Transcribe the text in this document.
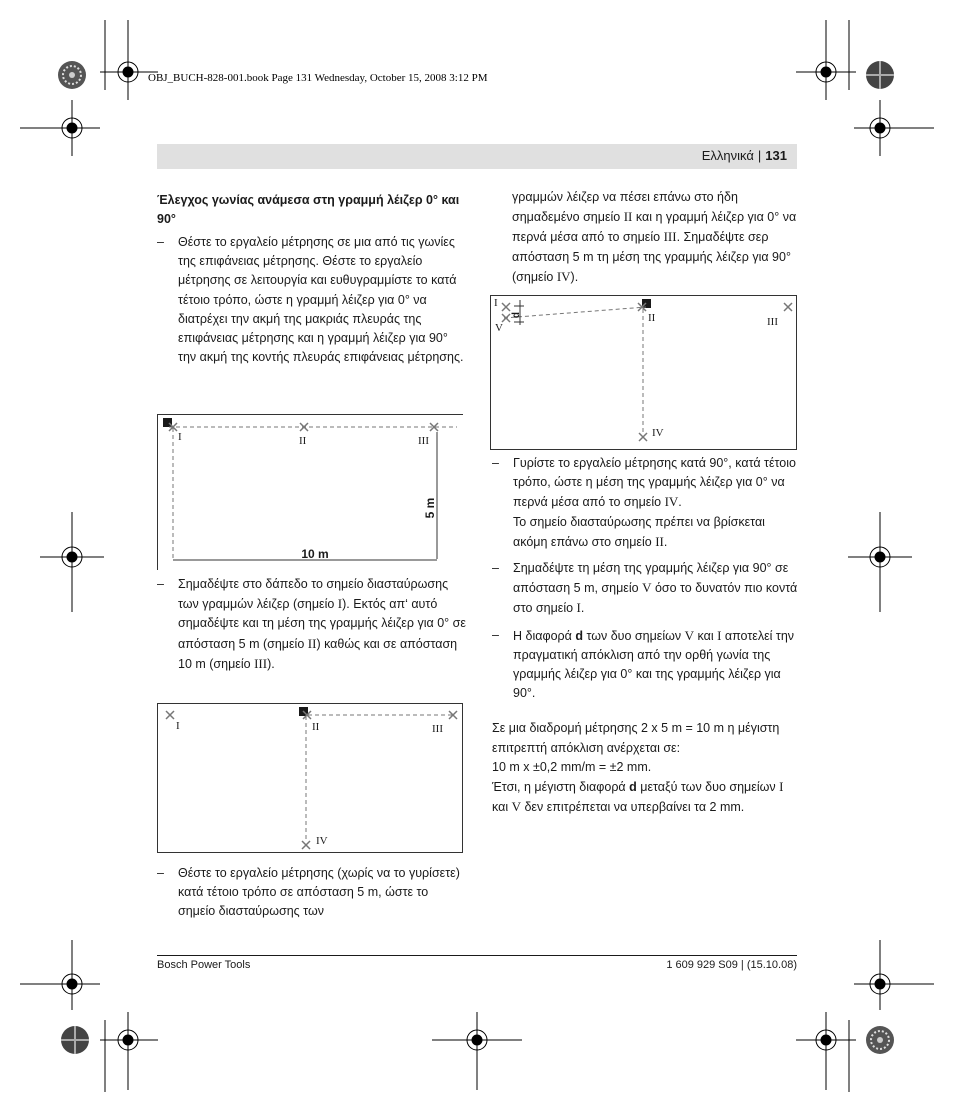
OBJ_BUCH-828-001.book Page 131 Wednesday, October 15, 2008 3:12 PM
Ελληνικά | 131

Έλεγχος γωνίας ανάμεσα στη γραμμή λέιζερ 0° και 90°

– Θέστε το εργαλείο μέτρησης σε μια από τις γωνίες της επιφάνειας μέτρησης. Θέστε το εργαλείο μέτρησης σε λειτουργία και ευθυγραμμίστε το κατά τέτοιο τρόπο, ώστε η γραμμή λέιζερ για 0° να διατρέχει την ακμή της μακριάς πλευράς της επιφάνειας μέτρησης και η γραμμή λέιζερ για 90° την ακμή της κοντής πλευράς επιφάνειας μέτρησης.

I	II	III
5 m
10 m

– Σημαδέψτε στο δάπεδο το σημείο διασταύρωσης των γραμμών λέιζερ (σημείο I). Εκτός απ‘ αυτό σημαδέψτε και τη μέση της γραμμής λέιζερ για 0° σε απόσταση 5 m (σημείο II) καθώς και σε απόσταση 10 m (σημείο III).

I	II	III
IV

– Θέστε το εργαλείο μέτρησης (χωρίς να το γυρίσετε) κατά τέτοιο τρόπο σε απόσταση 5 m, ώστε το σημείο διασταύρωσης των

γραμμών λέιζερ να πέσει επάνω στο ήδη σημαδεμένο σημείο II και η γραμμή λέιζερ για 0° να περνά μέσα από το σημείο III. Σημαδέψτε σερ απόσταση 5 m τη μέση της γραμμής λέιζερ για 90° (σημείο IV).

d
I
V
II	III
IV

– Γυρίστε το εργαλείο μέτρησης κατά 90°, κατά τέτοιο τρόπο, ώστε η μέση της γραμμής λέιζερ για 0° να περνά μέσα από το σημείο IV.
Το σημείο διασταύρωσης πρέπει να βρίσκεται ακόμη επάνω στο σημείο II.

– Σημαδέψτε τη μέση της γραμμής λέιζερ για 90° σε απόσταση 5 m, σημείο V όσο το δυνατόν πιο κοντά στο σημείο I.

– Η διαφορά d των δυο σημείων V και I αποτελεί την πραγματική απόκλιση από την ορθή γωνία της γραμμής λέιζερ για 0° και της γραμμής λέιζερ για 90°.

Σε μια διαδρομή μέτρησης 2 x 5 m = 10 m η μέγιστη επιτρεπτή απόκλιση ανέρχεται σε:
10 m x ±0,2 mm/m = ±2 mm.
Έτσι, η μέγιστη διαφορά d μεταξύ των δυο σημείων I και V δεν επιτρέπεται να υπερβαίνει τα 2 mm.

Bosch Power Tools	1 609 929 S09 | (15.10.08)
